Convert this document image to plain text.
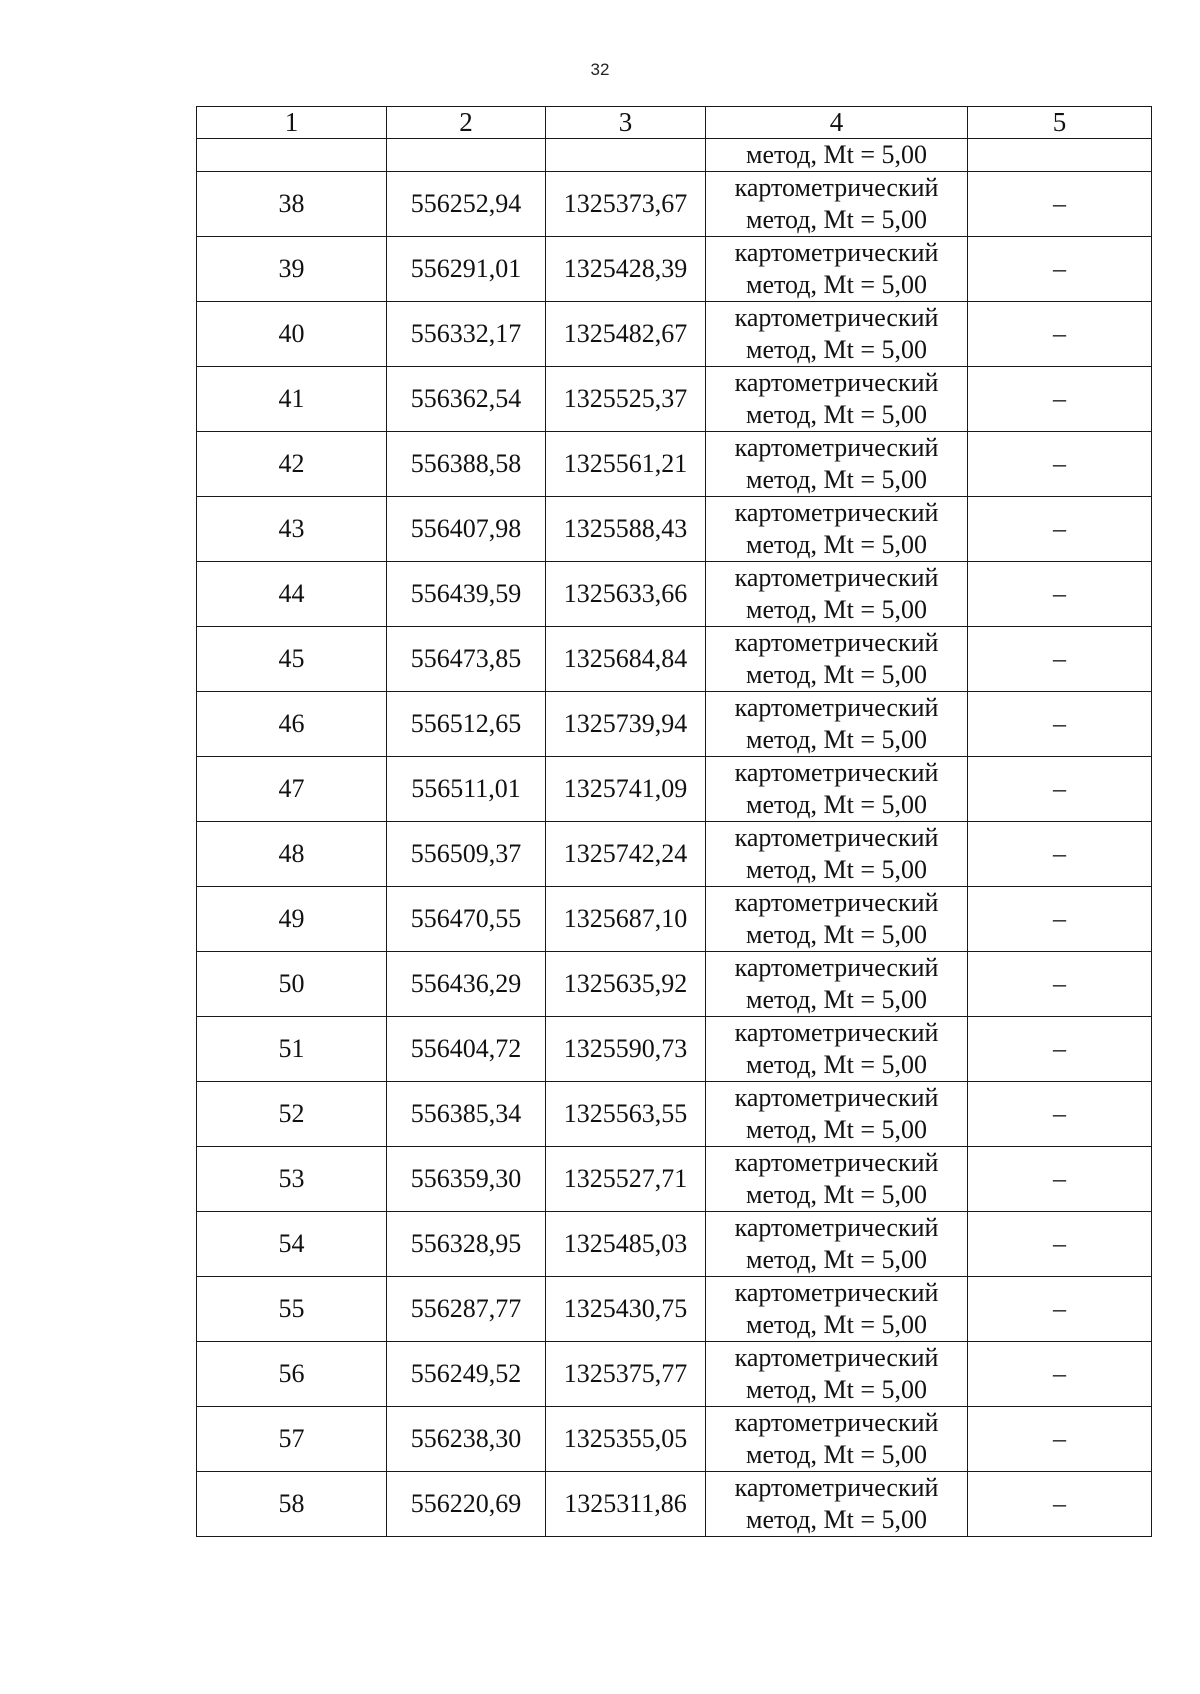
32
1	2	3	4	5
			метод, Mt = 5,00	
38	556252,94	1325373,67	картометрический
метод, Mt = 5,00	–
39	556291,01	1325428,39	картометрический
метод, Mt = 5,00	–
40	556332,17	1325482,67	картометрический
метод, Mt = 5,00	–
41	556362,54	1325525,37	картометрический
метод, Mt = 5,00	–
42	556388,58	1325561,21	картометрический
метод, Mt = 5,00	–
43	556407,98	1325588,43	картометрический
метод, Mt = 5,00	–
44	556439,59	1325633,66	картометрический
метод, Mt = 5,00	–
45	556473,85	1325684,84	картометрический
метод, Mt = 5,00	–
46	556512,65	1325739,94	картометрический
метод, Mt = 5,00	–
47	556511,01	1325741,09	картометрический
метод, Mt = 5,00	–
48	556509,37	1325742,24	картометрический
метод, Mt = 5,00	–
49	556470,55	1325687,10	картометрический
метод, Mt = 5,00	–
50	556436,29	1325635,92	картометрический
метод, Mt = 5,00	–
51	556404,72	1325590,73	картометрический
метод, Mt = 5,00	–
52	556385,34	1325563,55	картометрический
метод, Mt = 5,00	–
53	556359,30	1325527,71	картометрический
метод, Mt = 5,00	–
54	556328,95	1325485,03	картометрический
метод, Mt = 5,00	–
55	556287,77	1325430,75	картометрический
метод, Mt = 5,00	–
56	556249,52	1325375,77	картометрический
метод, Mt = 5,00	–
57	556238,30	1325355,05	картометрический
метод, Mt = 5,00	–
58	556220,69	1325311,86	картометрический
метод, Mt = 5,00	–
